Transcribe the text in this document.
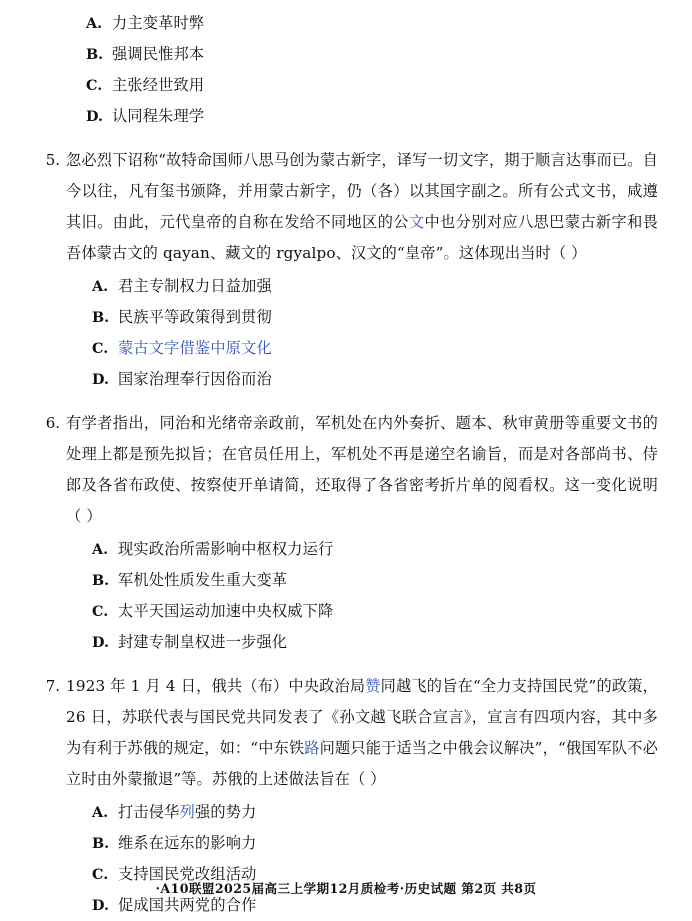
A. 力主变革时弊
B. 强调民惟邦本
C. 主张经世致用
D. 认同程朱理学
5. 忽必烈下诏称“故特命国师八思马创为蒙古新字，译写一切文字，期于顺言达事而已。自今以往，凡有玺书颁降，并用蒙古新字，仍（各）以其国字副之。所有公式文书，咸遵其旧。由此，元代皇帝的自称在发给不同地区的公文中也分别对应八思巴蒙古新字和畏吾体蒙古文的 qayan、藏文的 rgyalpo、汉文的“皇帝”。这体现出当时（ ）
A. 君主专制权力日益加强
B. 民族平等政策得到贯彻
C. 蒙古文字借鉴中原文化
D. 国家治理奉行因俗而治
6. 有学者指出，同治和光绪帝亲政前，军机处在内外奏折、题本、秋审黄册等重要文书的处理上都是预先拟旨；在官员任用上，军机处不再是递空名谕旨，而是对各部尚书、侍郎及各省布政使、按察使开单请简，还取得了各省密考折片单的阅看权。这一变化说明（ ）
A. 现实政治所需影响中枢权力运行
B. 军机处性质发生重大变革
C. 太平天国运动加速中央权威下降
D. 封建专制皇权进一步强化
7. 1923 年 1 月 4 日，俄共（布）中央政治局赞同越飞的旨在“全力支持国民党”的政策，26 日，苏联代表与国民党共同发表了《孙文越飞联合宣言》，宣言有四项内容，其中多为有利于苏俄的规定，如：“中东铁路问题只能于适当之中俄会议解决”，“俄国军队不必立时由外蒙撤退”等。苏俄的上述做法旨在（ ）
A. 打击侵华列强的势力
B. 维系在远东的影响力
C. 支持国民党改组活动
D. 促成国共两党的合作
·A10联盟2025届高三上学期12月质检考·历史试题 第2页 共8页
